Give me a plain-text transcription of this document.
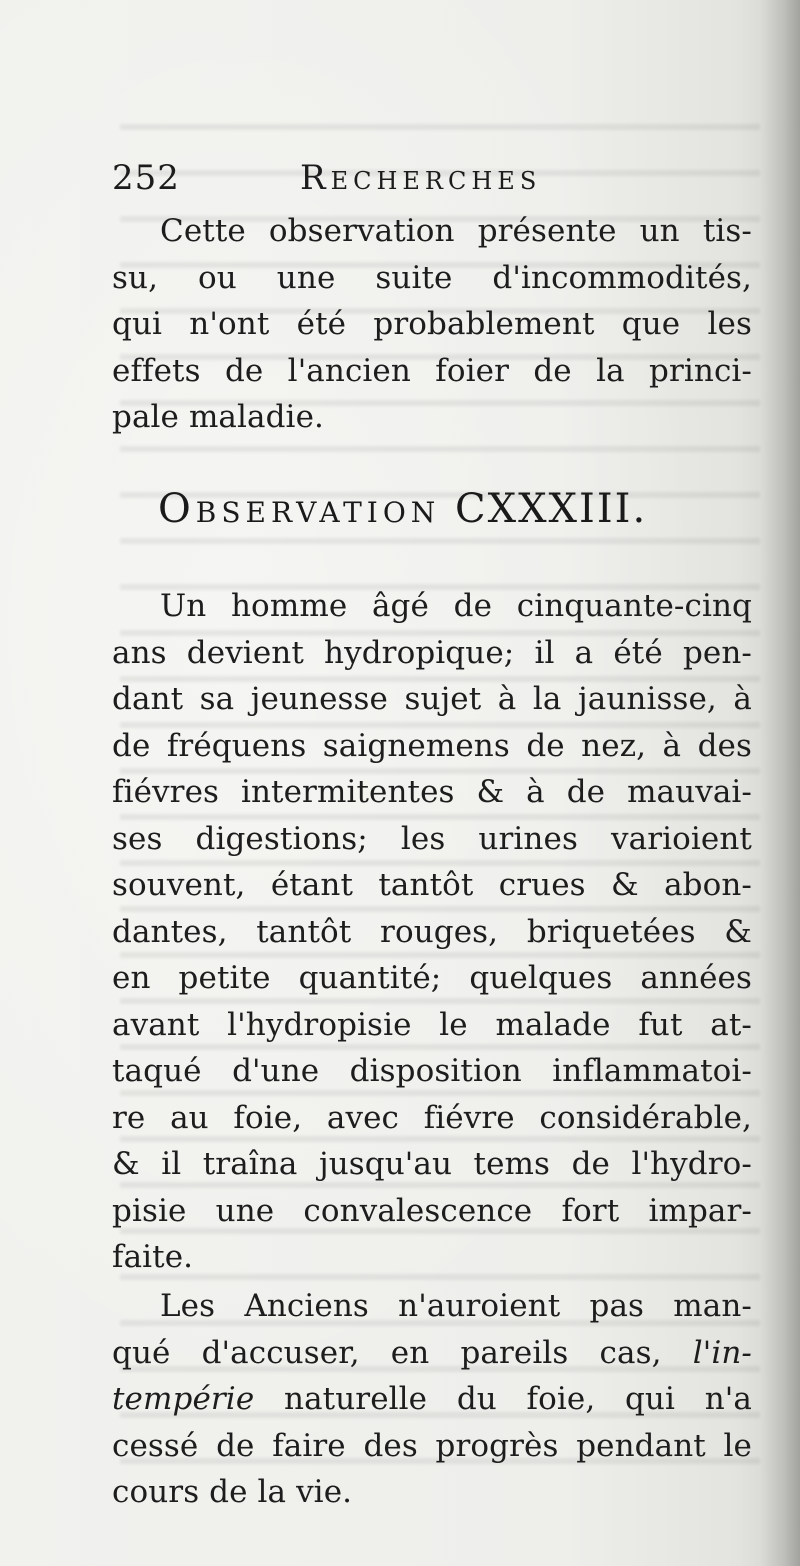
252	Recherches
Cette observation présente un tis-
su, ou une suite d'incommodités,
qui n'ont été probablement que les
effets de l'ancien foier de la princi-
pale maladie.
Observation CXXXIII.
Un homme âgé de cinquante-cinq
ans devient hydropique; il a été pen-
dant sa jeunesse sujet à la jaunisse, à
de fréquens saignemens de nez, à des
fiévres intermitentes & à de mauvai-
ses digestions; les urines varioient
souvent, étant tantôt crues & abon-
dantes, tantôt rouges, briquetées &
en petite quantité; quelques années
avant l'hydropisie le malade fut at-
taqué d'une disposition inflammatoi-
re au foie, avec fiévre considérable,
& il traîna jusqu'au tems de l'hydro-
pisie une convalescence fort impar-
faite.
Les Anciens n'auroient pas man-
qué d'accuser, en pareils cas, l'in-
tempérie naturelle du foie, qui n'a
cessé de faire des progrès pendant le
cours de la vie.
